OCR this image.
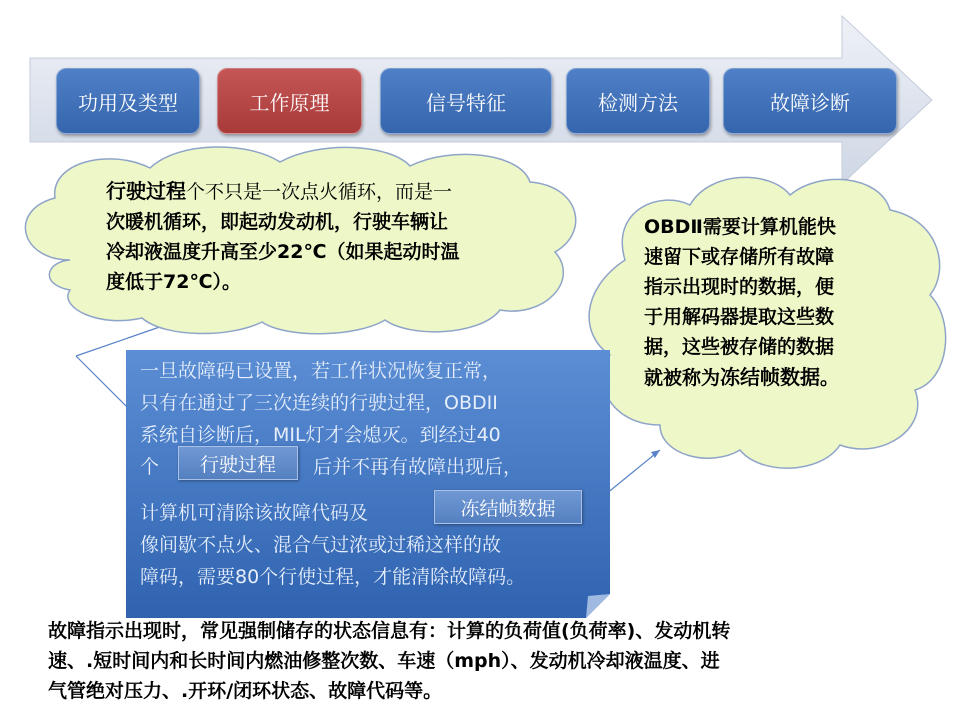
功用及类型	工作原理	信号特征	检测方法	故障诊断
行驶过程个不只是一次点火循环，而是一
次暖机循环，即起动发动机，行驶车辆让
冷却液温度升高至少22℃（如果起动时温
度低于72℃）。
OBDⅡ需要计算机能快
速留下或存储所有故障
指示出现时的数据，便
于用解码器提取这些数
据，这些被存储的数据
就被称为冻结帧数据。
一旦故障码已设置，若工作状况恢复正常，
只有在通过了三次连续的行驶过程，OBDII
系统自诊断后，MIL灯才会熄灭。到经过40
个	后并不再有故障出现后，
计算机可清除该故障代码及
像间歇不点火、混合气过浓或过稀这样的故
障码，需要80个行使过程，才能清除故障码。
行驶过程
冻结帧数据
故障指示出现时，常见强制储存的状态信息有：计算的负荷值(负荷率)、发动机转
速、.短时间内和长时间内燃油修整次数、车速（mph）、发动机冷却液温度、进
气管绝对压力、.开环/闭环状态、故障代码等。
